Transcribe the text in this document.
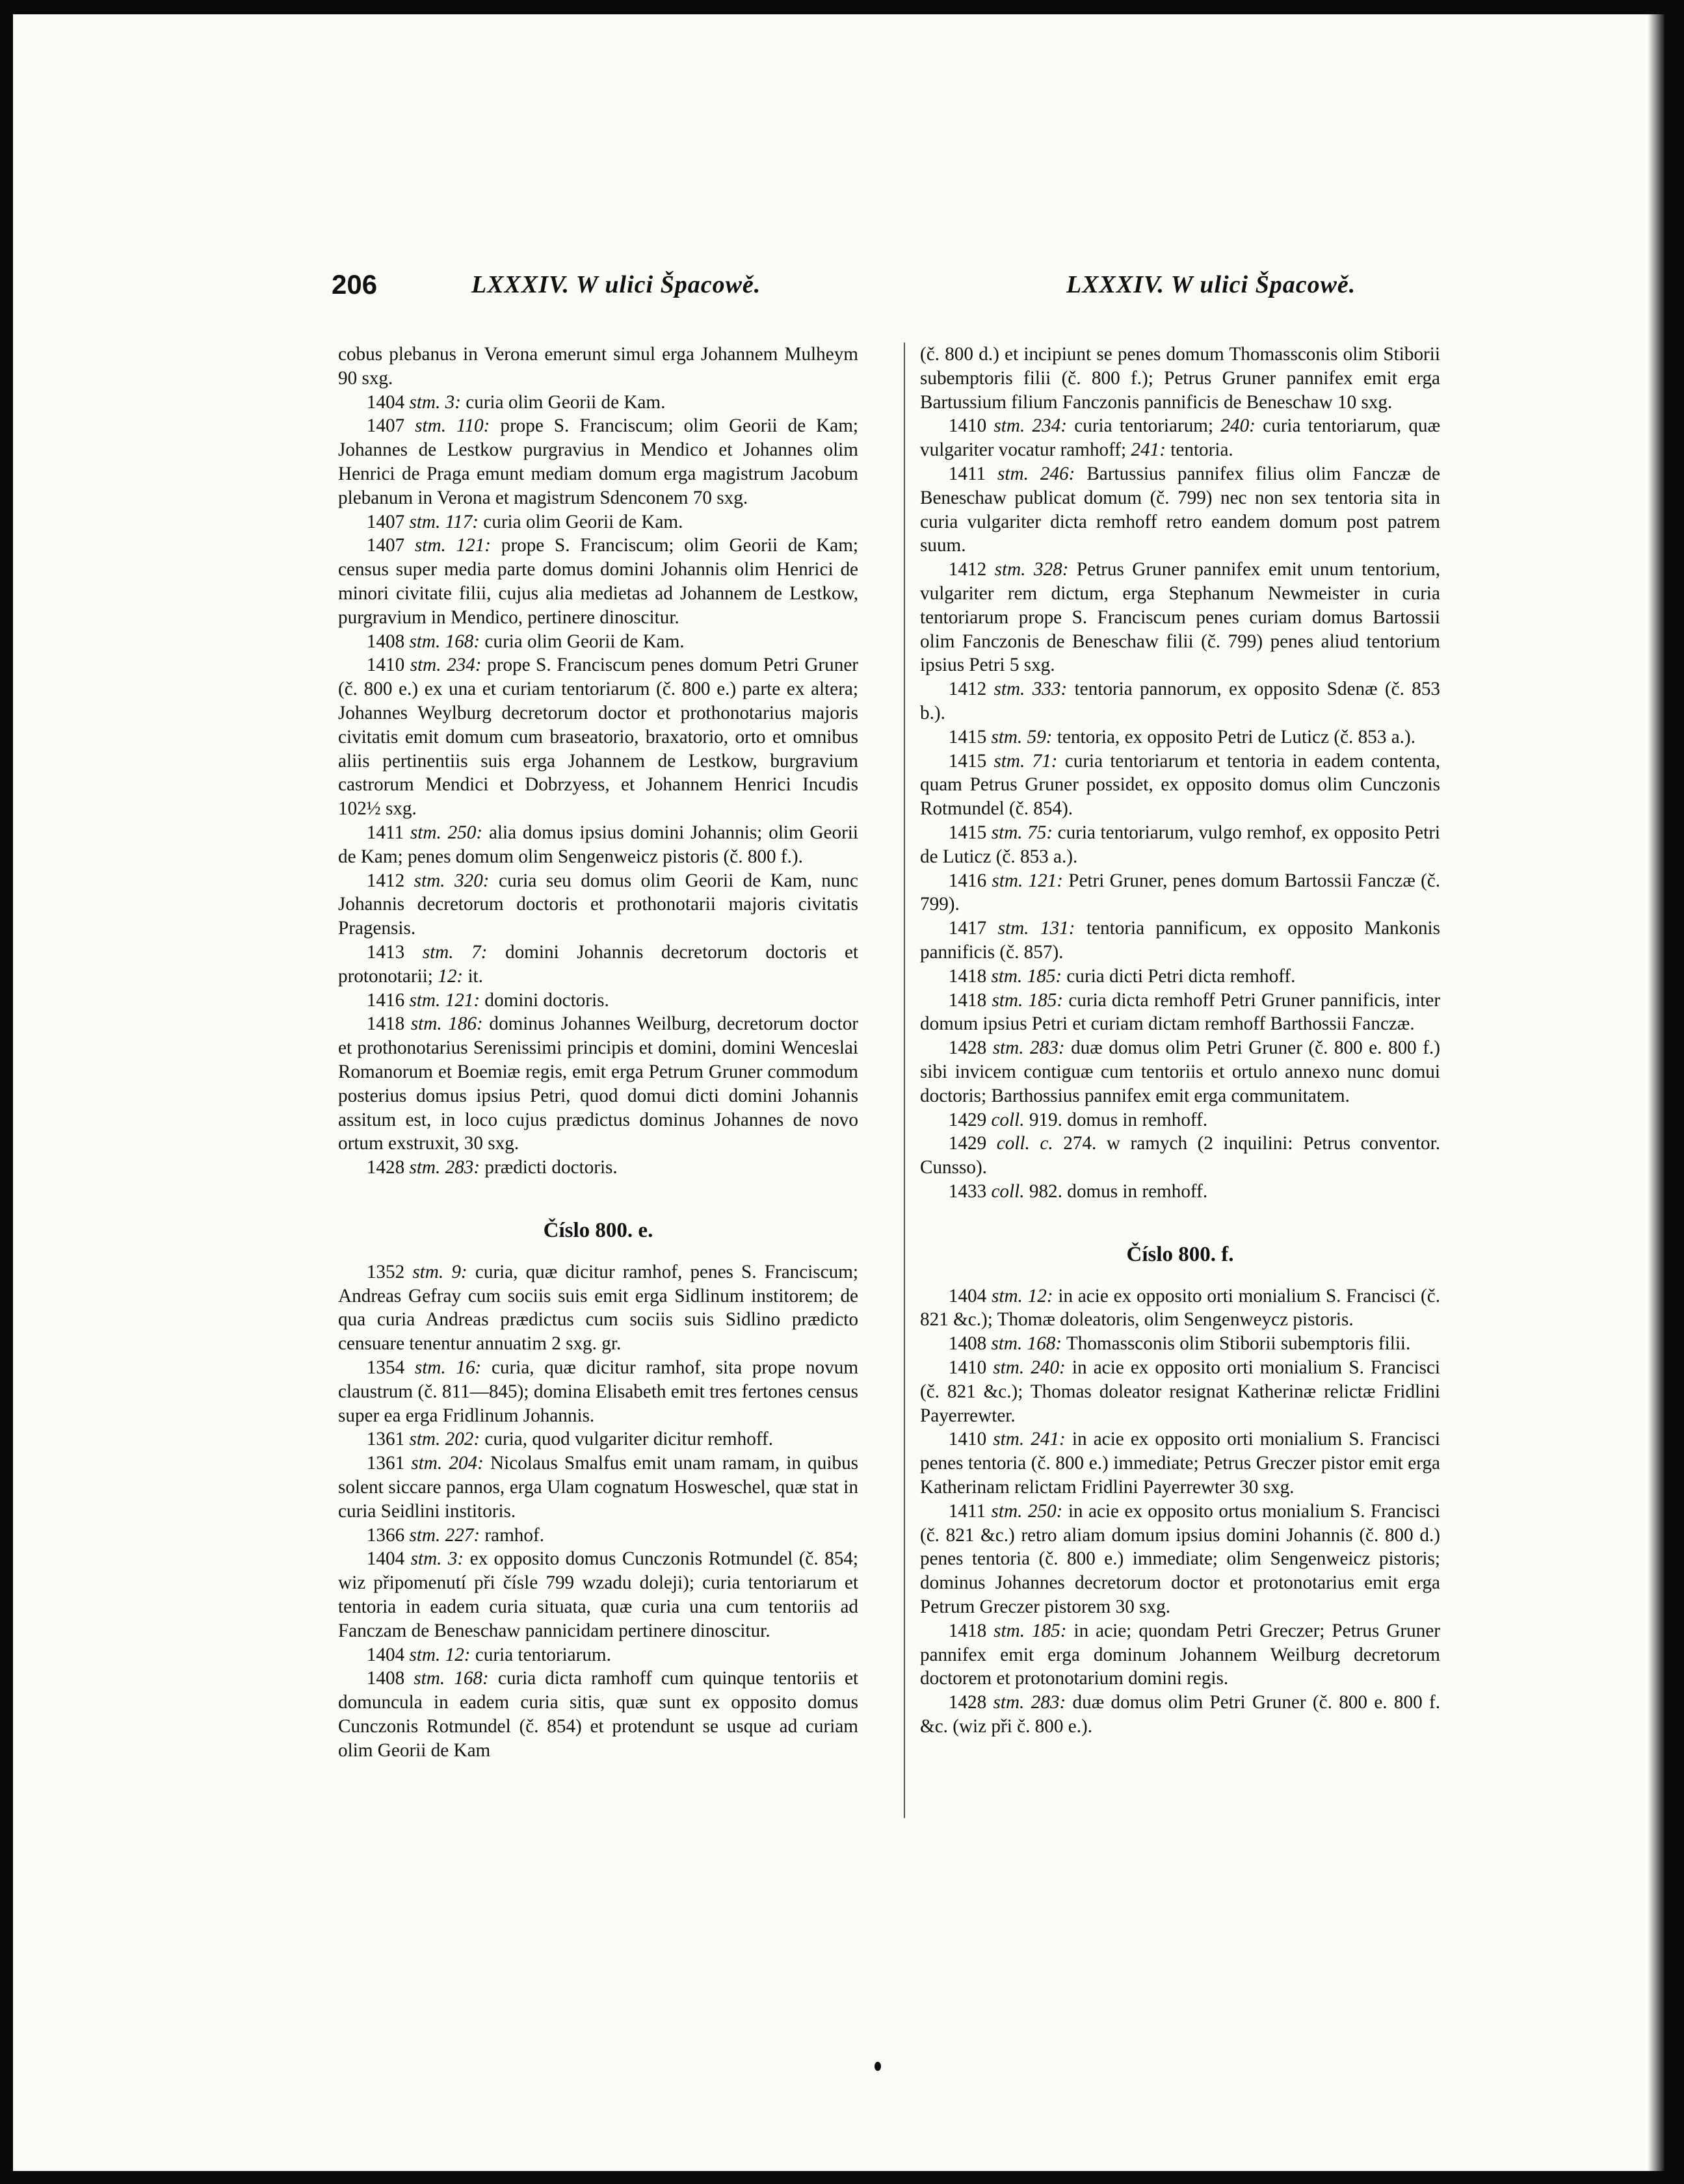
206	LXXXIV. W ulici Špacowě.	LXXXIV. W ulici Špacowě.

cobus plebanus in Verona emerunt simul erga Johannem Mulheym 90 sxg.

1404 stm. 3: curia olim Georii de Kam.

1407 stm. 110: prope S. Franciscum; olim Georii de Kam; Johannes de Lestkow purgravius in Mendico et Johannes olim Henrici de Praga emunt mediam domum erga magistrum Jacobum plebanum in Verona et magistrum Sdenconem 70 sxg.

1407 stm. 117: curia olim Georii de Kam.

1407 stm. 121: prope S. Franciscum; olim Georii de Kam; census super media parte domus domini Johannis olim Henrici de minori civitate filii, cujus alia medietas ad Johannem de Lestkow, purgravium in Mendico, pertinere dinoscitur.

1408 stm. 168: curia olim Georii de Kam.

1410 stm. 234: prope S. Franciscum penes domum Petri Gruner (č. 800 e.) ex una et curiam tentoriarum (č. 800 e.) parte ex altera; Johannes Weylburg decretorum doctor et prothonotarius majoris civitatis emit domum cum braseatorio, braxatorio, orto et omnibus aliis pertinentiis suis erga Johannem de Lestkow, burgravium castrorum Mendici et Dobrzyess, et Johannem Henrici Incudis 102½ sxg.

1411 stm. 250: alia domus ipsius domini Johannis; olim Georii de Kam; penes domum olim Sengenweicz pistoris (č. 800 f.).

1412 stm. 320: curia seu domus olim Georii de Kam, nunc Johannis decretorum doctoris et prothonotarii majoris civitatis Pragensis.

1413 stm. 7: domini Johannis decretorum doctoris et protonotarii; 12: it.

1416 stm. 121: domini doctoris.

1418 stm. 186: dominus Johannes Weilburg, decretorum doctor et prothonotarius Serenissimi principis et domini, domini Wenceslai Romanorum et Boemiæ regis, emit erga Petrum Gruner commodum posterius domus ipsius Petri, quod domui dicti domini Johannis assitum est, in loco cujus prædictus dominus Johannes de novo ortum exstruxit, 30 sxg.

1428 stm. 283: prædicti doctoris.

Číslo 800. e.

1352 stm. 9: curia, quæ dicitur ramhof, penes S. Franciscum; Andreas Gefray cum sociis suis emit erga Sidlinum institorem; de qua curia Andreas prædictus cum sociis suis Sidlino prædicto censuare tenentur annuatim 2 sxg. gr.

1354 stm. 16: curia, quæ dicitur ramhof, sita prope novum claustrum (č. 811—845); domina Elisabeth emit tres fertones census super ea erga Fridlinum Johannis.

1361 stm. 202: curia, quod vulgariter dicitur remhoff.

1361 stm. 204: Nicolaus Smalfus emit unam ramam, in quibus solent siccare pannos, erga Ulam cognatum Hosweschel, quæ stat in curia Seidlini institoris.

1366 stm. 227: ramhof.

1404 stm. 3: ex opposito domus Cunczonis Rotmundel (č. 854; wiz připomenutí při čísle 799 wzadu doleji); curia tentoriarum et tentoria in eadem curia situata, quæ curia una cum tentoriis ad Fanczam de Beneschaw pannicidam pertinere dinoscitur.

1404 stm. 12: curia tentoriarum.

1408 stm. 168: curia dicta ramhoff cum quinque tentoriis et domuncula in eadem curia sitis, quæ sunt ex opposito domus Cunczonis Rotmundel (č. 854) et protendunt se usque ad curiam olim Georii de Kam

(č. 800 d.) et incipiunt se penes domum Thomassconis olim Stiborii subemptoris filii (č. 800 f.); Petrus Gruner pannifex emit erga Bartussium filium Fanczonis pannificis de Beneschaw 10 sxg.

1410 stm. 234: curia tentoriarum; 240: curia tentoriarum, quæ vulgariter vocatur ramhoff; 241: tentoria.

1411 stm. 246: Bartussius pannifex filius olim Fanczæ de Beneschaw publicat domum (č. 799) nec non sex tentoria sita in curia vulgariter dicta remhoff retro eandem domum post patrem suum.

1412 stm. 328: Petrus Gruner pannifex emit unum tentorium, vulgariter rem dictum, erga Stephanum Newmeister in curia tentoriarum prope S. Franciscum penes curiam domus Bartossii olim Fanczonis de Beneschaw filii (č. 799) penes aliud tentorium ipsius Petri 5 sxg.

1412 stm. 333: tentoria pannorum, ex opposito Sdenæ (č. 853 b.).

1415 stm. 59: tentoria, ex opposito Petri de Luticz (č. 853 a.).

1415 stm. 71: curia tentoriarum et tentoria in eadem contenta, quam Petrus Gruner possidet, ex opposito domus olim Cunczonis Rotmundel (č. 854).

1415 stm. 75: curia tentoriarum, vulgo remhof, ex opposito Petri de Luticz (č. 853 a.).

1416 stm. 121: Petri Gruner, penes domum Bartossii Fanczæ (č. 799).

1417 stm. 131: tentoria pannificum, ex opposito Mankonis pannificis (č. 857).

1418 stm. 185: curia dicti Petri dicta remhoff.

1418 stm. 185: curia dicta remhoff Petri Gruner pannificis, inter domum ipsius Petri et curiam dictam remhoff Barthossii Fanczæ.

1428 stm. 283: duæ domus olim Petri Gruner (č. 800 e. 800 f.) sibi invicem contiguæ cum tentoriis et ortulo annexo nunc domui doctoris; Barthossius pannifex emit erga communitatem.

1429 coll. 919. domus in remhoff.

1429 coll. c. 274. w ramych (2 inquilini: Petrus conventor. Cunsso).

1433 coll. 982. domus in remhoff.

Číslo 800. f.

1404 stm. 12: in acie ex opposito orti monialium S. Francisci (č. 821 &c.); Thomæ doleatoris, olim Sengenweycz pistoris.

1408 stm. 168: Thomassconis olim Stiborii subemptoris filii.

1410 stm. 240: in acie ex opposito orti monialium S. Francisci (č. 821 &c.); Thomas doleator resignat Katherinæ relictæ Fridlini Payerrewter.

1410 stm. 241: in acie ex opposito orti monialium S. Francisci penes tentoria (č. 800 e.) immediate; Petrus Greczer pistor emit erga Katherinam relictam Fridlini Payerrewter 30 sxg.

1411 stm. 250: in acie ex opposito ortus monialium S. Francisci (č. 821 &c.) retro aliam domum ipsius domini Johannis (č. 800 d.) penes tentoria (č. 800 e.) immediate; olim Sengenweicz pistoris; dominus Johannes decretorum doctor et protonotarius emit erga Petrum Greczer pistorem 30 sxg.

1418 stm. 185: in acie; quondam Petri Greczer; Petrus Gruner pannifex emit erga dominum Johannem Weilburg decretorum doctorem et protonotarium domini regis.

1428 stm. 283: duæ domus olim Petri Gruner (č. 800 e. 800 f. &c. (wiz při č. 800 e.).
